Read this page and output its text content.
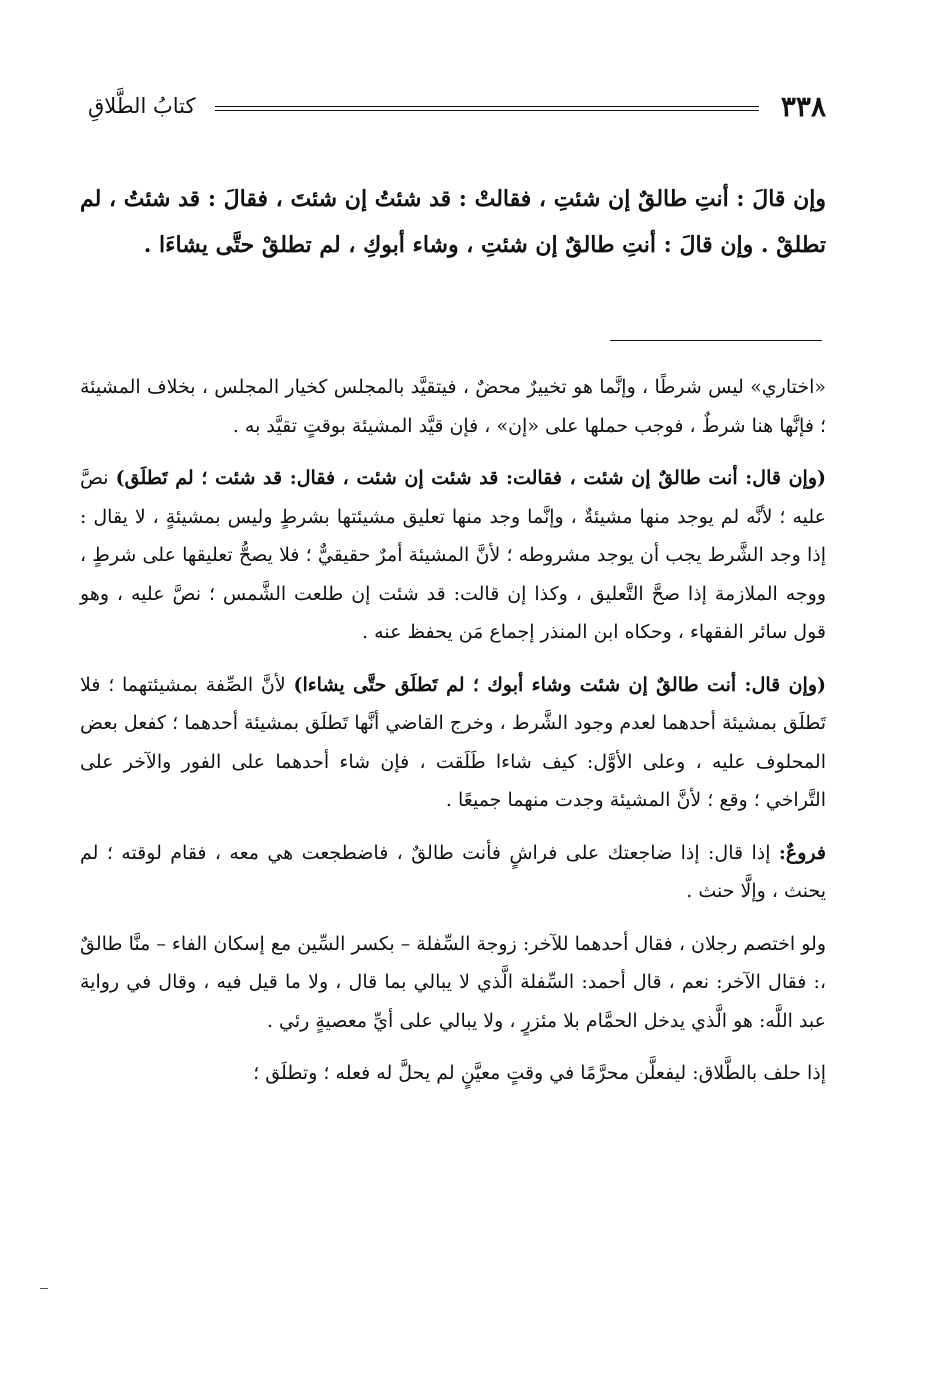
٣٣٨
كتابُ الطَّلاقِ
وإن قالَ : أنتِ طالقٌ إن شئتِ ، فقالتْ : قد شئتُ إن شئتَ ، فقالَ : قد شئتُ ، لم تطلقْ . وإن قالَ : أنتِ طالقٌ إن شئتِ ، وشاء أبوكِ ، لم تطلقْ حتَّى يشاءَا .

«اختاري» ليس شرطًا ، وإنَّما هو تخييرٌ محضٌ ، فيتقيَّد بالمجلس كخيار المجلس ، بخلاف المشيئة ؛ فإنَّها هنا شرطٌ ، فوجب حملها على «إن» ، فإن قيَّد المشيئة بوقتٍ تقيَّد به .

(وإن قال: أنت طالقٌ إن شئت ، فقالت: قد شئت إن شئت ، فقال: قد شئت ؛ لم تَطلَق) نصَّ عليه ؛ لأنَّه لم يوجد منها مشيئةٌ ، وإنَّما وجد منها تعليق مشيئتها بشرطٍ وليس بمشيئةٍ ، لا يقال : إذا وجد الشَّرط يجب أن يوجد مشروطه ؛ لأنَّ المشيئة أمرٌ حقيقيٌّ ؛ فلا يصحُّ تعليقها على شرطٍ ، ووجه الملازمة إذا صحَّ التَّعليق ، وكذا إن قالت: قد شئت إن طلعت الشَّمس ؛ نصَّ عليه ، وهو قول سائر الفقهاء ، وحكاه ابن المنذر إجماع مَن يحفظ عنه .

(وإن قال: أنت طالقٌ إن شئت وشاء أبوك ؛ لم تَطلَق حتَّى يشاءا) لأنَّ الصِّفة بمشيئتهما ؛ فلا تَطلَق بمشيئة أحدهما لعدم وجود الشَّرط ، وخرج القاضي أنَّها تَطلَق بمشيئة أحدهما ؛ كفعل بعض المحلوف عليه ، وعلى الأوَّل: كيف شاءا طَلَقت ، فإن شاء أحدهما على الفور والآخر على التَّراخي ؛ وقع ؛ لأنَّ المشيئة وجدت منهما جميعًا .

فروعٌ: إذا قال: إذا ضاجعتك على فراشٍ فأنت طالقٌ ، فاضطجعت هي معه ، فقام لوقته ؛ لم يحنث ، وإلَّا حنث .

ولو اختصم رجلان ، فقال أحدهما للآخر: زوجة السِّفلة – بكسر السِّين مع إسكان الفاء – منَّا طالقٌ ،: فقال الآخر: نعم ، قال أحمد: السِّفلة الَّذي لا يبالي بما قال ، ولا ما قيل فيه ، وقال في رواية عبد اللَّه: هو الَّذي يدخل الحمَّام بلا مئزرٍ ، ولا يبالي على أيِّ معصيةٍ رئي .

إذا حلف بالطَّلاق: ليفعلَّن محرَّمًا في وقتٍ معيَّنٍ لم يحلَّ له فعله ؛ وتطلَق ؛
